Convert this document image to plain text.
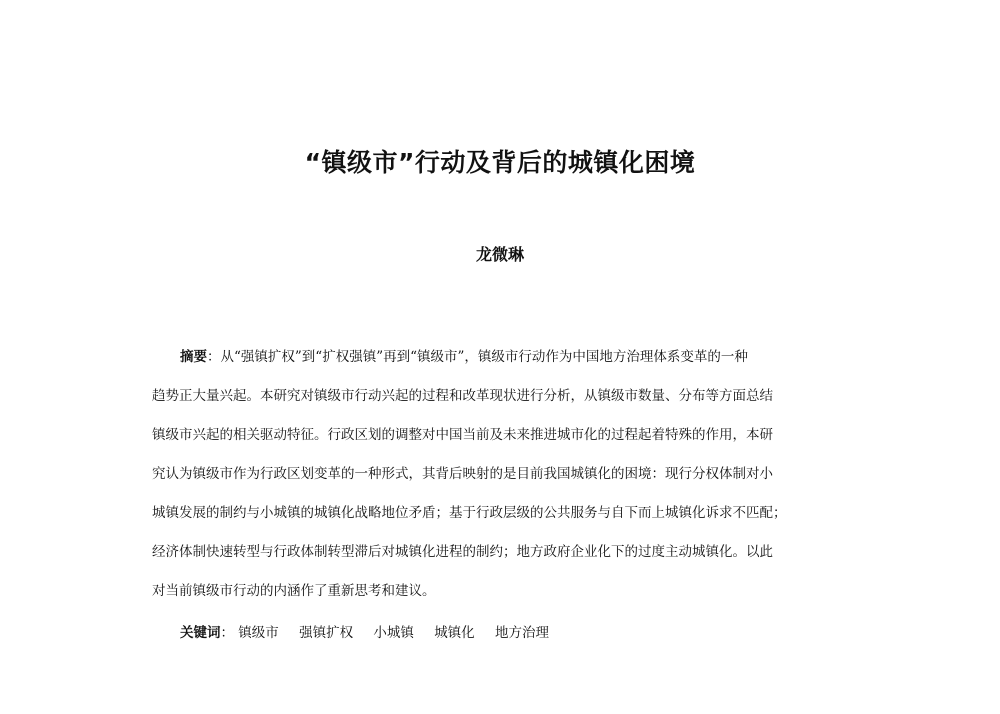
“镇级市”行动及背后的城镇化困境
龙微琳
摘要：从“强镇扩权”到“扩权强镇”再到“镇级市”，镇级市行动作为中国地方治理体系变革的一种
趋势正大量兴起。本研究对镇级市行动兴起的过程和改革现状进行分析，从镇级市数量、分布等方面总结
镇级市兴起的相关驱动特征。行政区划的调整对中国当前及未来推进城市化的过程起着特殊的作用，本研
究认为镇级市作为行政区划变革的一种形式，其背后映射的是目前我国城镇化的困境：现行分权体制对小
城镇发展的制约与小城镇的城镇化战略地位矛盾；基于行政层级的公共服务与自下而上城镇化诉求不匹配；
经济体制快速转型与行政体制转型滞后对城镇化进程的制约；地方政府企业化下的过度主动城镇化。以此
对当前镇级市行动的内涵作了重新思考和建议。
关键词： 镇级市 强镇扩权 小城镇 城镇化 地方治理
